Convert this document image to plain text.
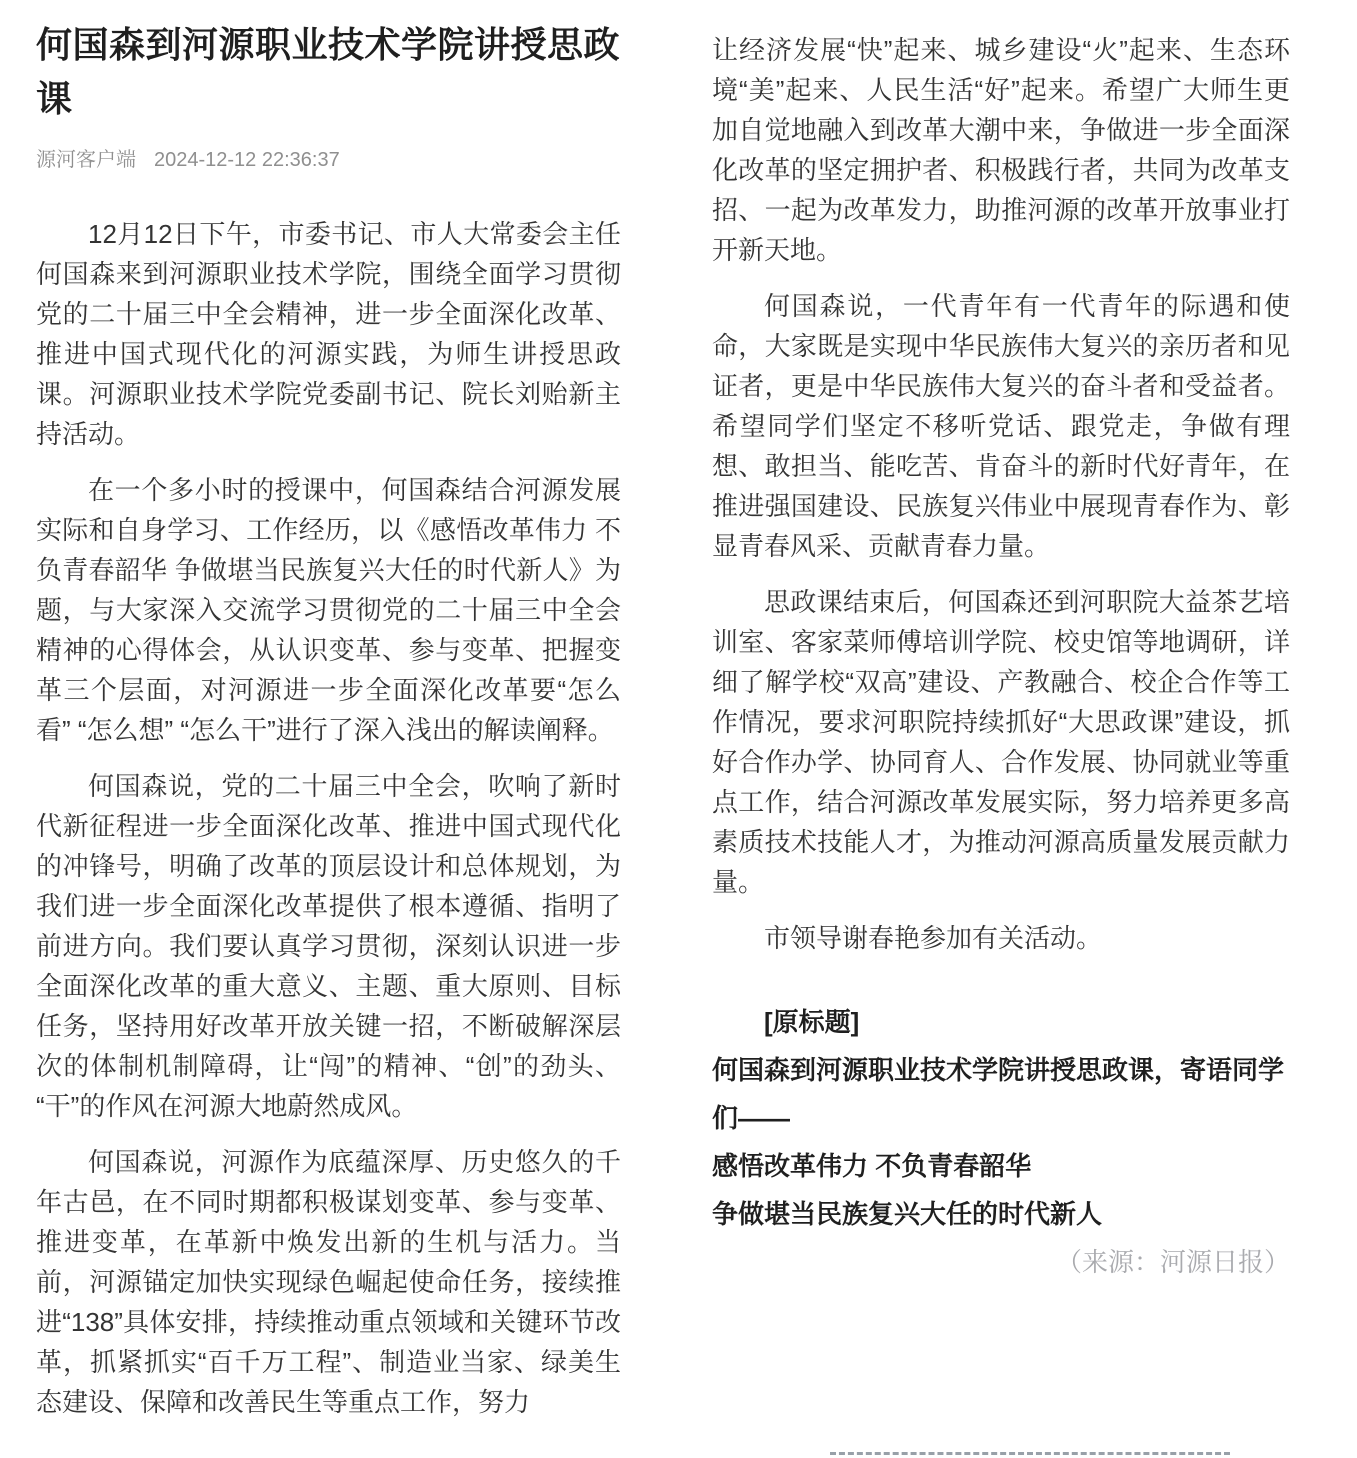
何国森到河源职业技术学院讲授思政课
源河客户端 2024-12-12 22:36:37

12月12日下午，市委书记、市人大常委会主任何国森来到河源职业技术学院，围绕全面学习贯彻党的二十届三中全会精神，进一步全面深化改革、推进中国式现代化的河源实践，为师生讲授思政课。河源职业技术学院党委副书记、院长刘贻新主持活动。

在一个多小时的授课中，何国森结合河源发展实际和自身学习、工作经历，以《感悟改革伟力 不负青春韶华 争做堪当民族复兴大任的时代新人》为题，与大家深入交流学习贯彻党的二十届三中全会精神的心得体会，从认识变革、参与变革、把握变革三个层面，对河源进一步全面深化改革要“怎么看” “怎么想” “怎么干”进行了深入浅出的解读阐释。

何国森说，党的二十届三中全会，吹响了新时代新征程进一步全面深化改革、推进中国式现代化的冲锋号，明确了改革的顶层设计和总体规划，为我们进一步全面深化改革提供了根本遵循、指明了前进方向。我们要认真学习贯彻，深刻认识进一步全面深化改革的重大意义、主题、重大原则、目标任务，坚持用好改革开放关键一招，不断破解深层次的体制机制障碍，让“闯”的精神、“创”的劲头、“干”的作风在河源大地蔚然成风。

何国森说，河源作为底蕴深厚、历史悠久的千年古邑，在不同时期都积极谋划变革、参与变革、推进变革，在革新中焕发出新的生机与活力。当前，河源锚定加快实现绿色崛起使命任务，接续推进“138”具体安排，持续推动重点领域和关键环节改革，抓紧抓实“百千万工程”、制造业当家、绿美生态建设、保障和改善民生等重点工作，努力

让经济发展“快”起来、城乡建设“火”起来、生态环境“美”起来、人民生活“好”起来。希望广大师生更加自觉地融入到改革大潮中来，争做进一步全面深化改革的坚定拥护者、积极践行者，共同为改革支招、一起为改革发力，助推河源的改革开放事业打开新天地。

何国森说，一代青年有一代青年的际遇和使命，大家既是实现中华民族伟大复兴的亲历者和见证者，更是中华民族伟大复兴的奋斗者和受益者。希望同学们坚定不移听党话、跟党走，争做有理想、敢担当、能吃苦、肯奋斗的新时代好青年，在推进强国建设、民族复兴伟业中展现青春作为、彰显青春风采、贡献青春力量。

思政课结束后，何国森还到河职院大益茶艺培训室、客家菜师傅培训学院、校史馆等地调研，详细了解学校“双高”建设、产教融合、校企合作等工作情况，要求河职院持续抓好“大思政课”建设，抓好合作办学、协同育人、合作发展、协同就业等重点工作，结合河源改革发展实际，努力培养更多高素质技术技能人才，为推动河源高质量发展贡献力量。

市领导谢春艳参加有关活动。

[原标题]

何国森到河源职业技术学院讲授思政课，寄语同学们——

感悟改革伟力 不负青春韶华

争做堪当民族复兴大任的时代新人

（来源：河源日报）
